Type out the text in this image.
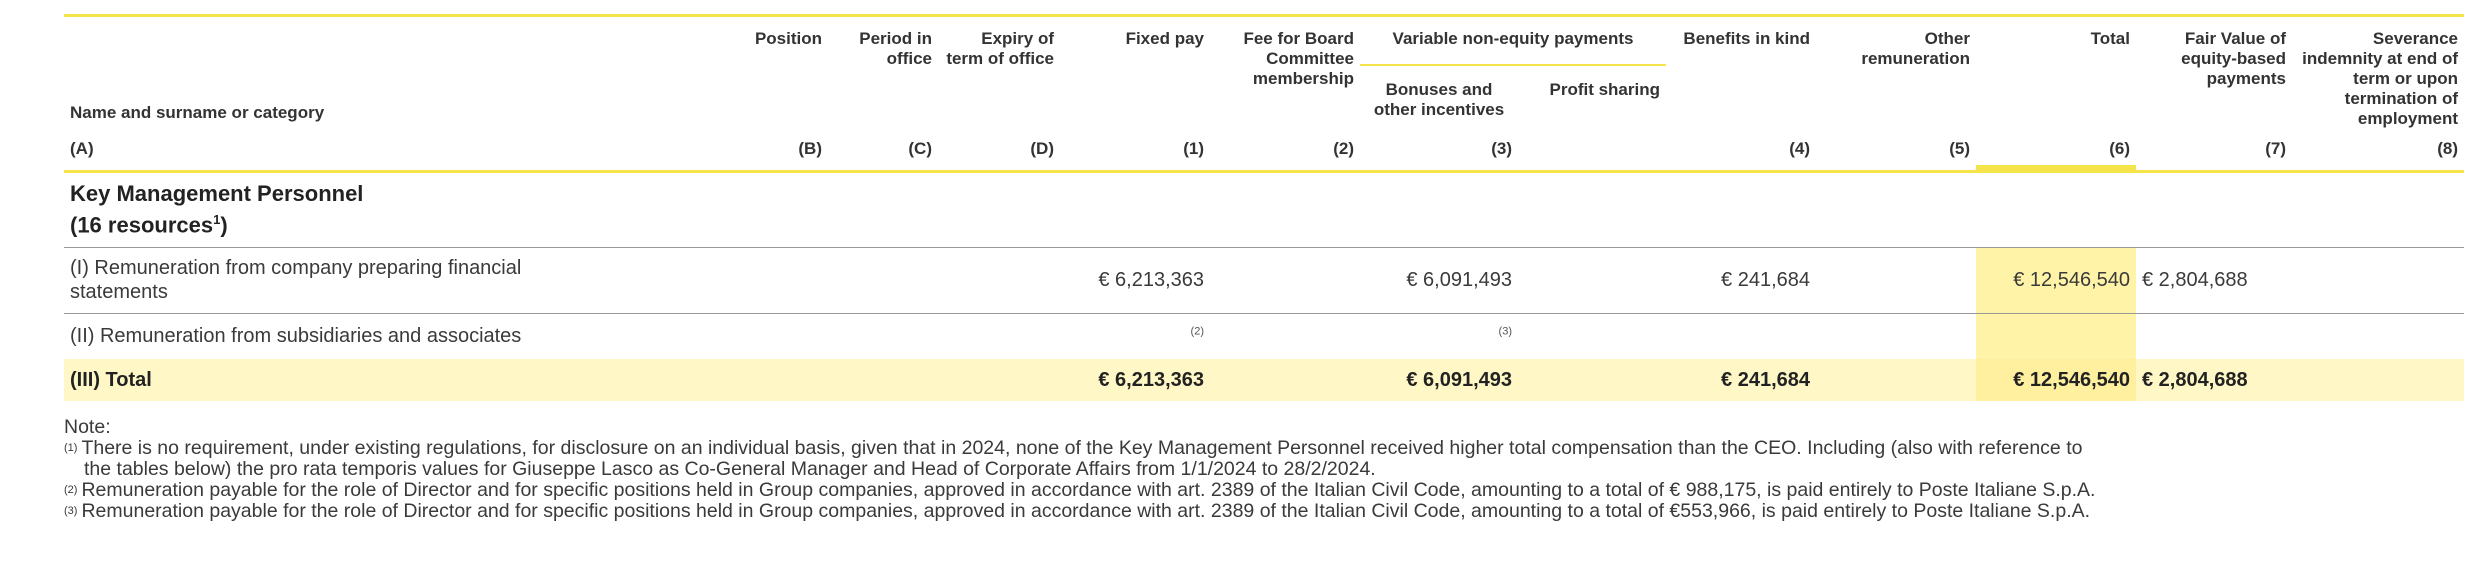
Name and surname or category	Position	Period in office	Expiry of term of office	Fixed pay	Fee for Board Committee membership	Variable non-equity payments		Benefits in kind	Other remuneration	Total	Fair Value of equity-based payments	Severance indemnity at end of term or upon termination of employment
						Bonuses and other incentives	Profit sharing					
(A)	(B)	(C)	(D)	(1)	(2)	(3)		(4)	(5)	(6)	(7)	(8)

Key Management Personnel
(16 resources$^1$)												

(I) Remuneration from company preparing financial statements				€ 6,213,363		€ 6,091,493		€ 241,684		€ 12,546,540	€ 2,804,688	
(II) Remuneration from subsidiaries and associates				$^{(2)}$		$^{(3)}$						
(III) Total				€ 6,213,363		€ 6,091,493		€ 241,684		€ 12,546,540	€ 2,804,688	
Note:
$^{(1)}$ There is no requirement, under existing regulations, for disclosure on an individual basis, given that in 2024, none of the Key Management Personnel received higher total compensation than the CEO. Including (also with reference to
the tables below) the pro rata temporis values for Giuseppe Lasco as Co-General Manager and Head of Corporate Affairs from 1/1/2024 to 28/2/2024.
$^{(2)}$ Remuneration payable for the role of Director and for specific positions held in Group companies, approved in accordance with art. 2389 of the Italian Civil Code, amounting to a total of € 988,175, is paid entirely to Poste Italiane S.p.A.
$^{(3)}$ Remuneration payable for the role of Director and for specific positions held in Group companies, approved in accordance with art. 2389 of the Italian Civil Code, amounting to a total of €553,966, is paid entirely to Poste Italiane S.p.A.
